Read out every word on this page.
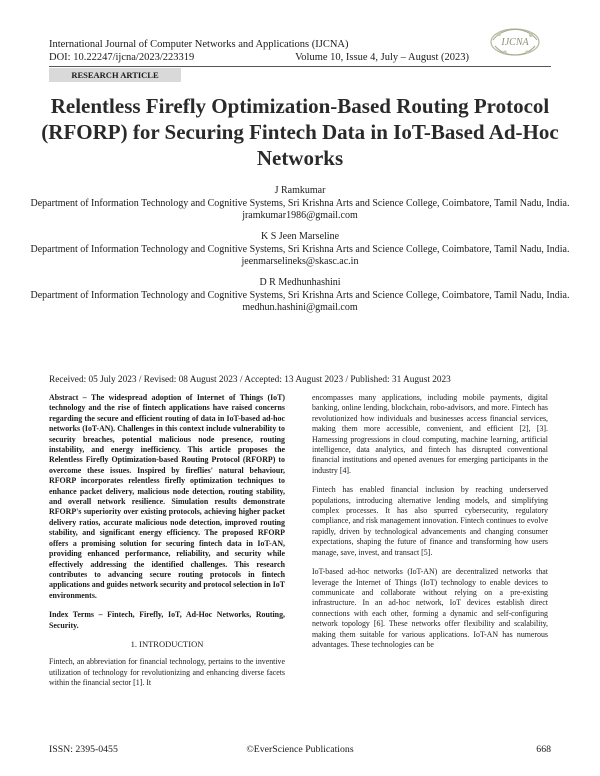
International Journal of Computer Networks and Applications (IJCNA)
DOI: 10.22247/ijcna/2023/223319	Volume 10, Issue 4, July – August (2023)
IJCNA
RESEARCH ARTICLE
Relentless Firefly Optimization-Based Routing Protocol (RFORP) for Securing Fintech Data in IoT-Based Ad-Hoc Networks
J Ramkumar
Department of Information Technology and Cognitive Systems, Sri Krishna Arts and Science College, Coimbatore, Tamil Nadu, India.
jramkumar1986@gmail.com
K S Jeen Marseline
Department of Information Technology and Cognitive Systems, Sri Krishna Arts and Science College, Coimbatore, Tamil Nadu, India.
jeenmarselineks@skasc.ac.in
D R Medhunhashini
Department of Information Technology and Cognitive Systems, Sri Krishna Arts and Science College, Coimbatore, Tamil Nadu, India.
medhun.hashini@gmail.com
Received: 05 July 2023 / Revised: 08 August 2023 / Accepted: 13 August 2023 / Published: 31 August 2023

Abstract – The widespread adoption of Internet of Things (IoT) technology and the rise of fintech applications have raised concerns regarding the secure and efficient routing of data in IoT-based ad-hoc networks (IoT-AN). Challenges in this context include vulnerability to security breaches, potential malicious node presence, routing instability, and energy inefficiency. This article proposes the Relentless Firefly Optimization-based Routing Protocol (RFORP) to overcome these issues. Inspired by fireflies' natural behaviour, RFORP incorporates relentless firefly optimization techniques to enhance packet delivery, malicious node detection, routing stability, and overall network resilience. Simulation results demonstrate RFORP's superiority over existing protocols, achieving higher packet delivery ratios, accurate malicious node detection, improved routing stability, and significant energy efficiency. The proposed RFORP offers a promising solution for securing fintech data in IoT-AN, providing enhanced performance, reliability, and security while effectively addressing the identified challenges. This research contributes to advancing secure routing protocols in fintech applications and guides network security and protocol selection in IoT environments.

Index Terms – Fintech, Firefly, IoT, Ad-Hoc Networks, Routing, Security.

1. INTRODUCTION

Fintech, an abbreviation for financial technology, pertains to the inventive utilization of technology for revolutionizing and enhancing diverse facets within the financial sector [1]. It

encompasses many applications, including mobile payments, digital banking, online lending, blockchain, robo-advisors, and more. Fintech has revolutionized how individuals and businesses access financial services, making them more accessible, convenient, and efficient [2], [3]. Harnessing progressions in cloud computing, machine learning, artificial intelligence, data analytics, and fintech has disrupted conventional financial institutions and opened avenues for emerging participants in the industry [4].

Fintech has enabled financial inclusion by reaching underserved populations, introducing alternative lending models, and simplifying complex processes. It has also spurred cybersecurity, regulatory compliance, and risk management innovation. Fintech continues to evolve rapidly, driven by technological advancements and changing consumer expectations, shaping the future of finance and transforming how users manage, save, invest, and transact [5].

IoT-based ad-hoc networks (IoT-AN) are decentralized networks that leverage the Internet of Things (IoT) technology to enable devices to communicate and collaborate without relying on a pre-existing infrastructure. In an ad-hoc network, IoT devices establish direct connections with each other, forming a dynamic and self-configuring network topology [6]. These networks offer flexibility and scalability, making them suitable for various applications. IoT-AN has numerous advantages. These technologies can be

ISSN: 2395-0455	©EverScience Publications	668
